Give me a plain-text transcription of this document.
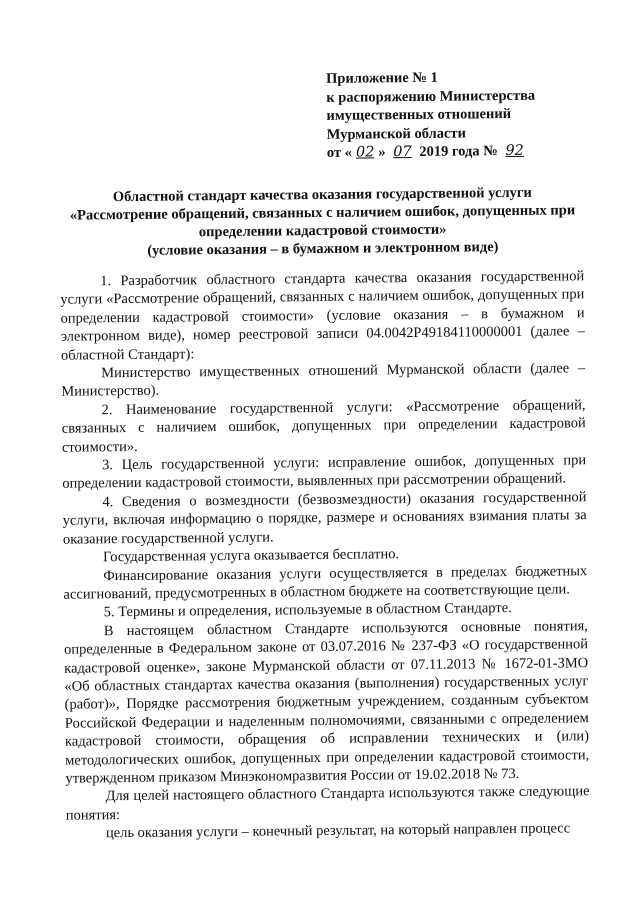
Приложение № 1
к распоряжению Министерства
имущественных отношений
Мурманской области
от « 02 » 07 2019 года № 92
Областной стандарт качества оказания государственной услуги
«Рассмотрение обращений, связанных с наличием ошибок, допущенных при
определении кадастровой стоимости»
(условие оказания – в бумажном и электронном виде)

1. Разработчик областного стандарта качества оказания государственной услуги «Рассмотрение обращений, связанных с наличием ошибок, допущенных при определении кадастровой стоимости» (условие оказания – в бумажном и электронном виде), номер реестровой записи 04.0042Р49184110000001 (далее – областной Стандарт):

Министерство имущественных отношений Мурманской области (далее – Министерство).

2. Наименование государственной услуги: «Рассмотрение обращений, связанных с наличием ошибок, допущенных при определении кадастровой стоимости».

3. Цель государственной услуги: исправление ошибок, допущенных при определении кадастровой стоимости, выявленных при рассмотрении обращений.

4. Сведения о возмездности (безвозмездности) оказания государственной услуги, включая информацию о порядке, размере и основаниях взимания платы за оказание государственной услуги.

Государственная услуга оказывается бесплатно.

Финансирование оказания услуги осуществляется в пределах бюджетных ассигнований, предусмотренных в областном бюджете на соответствующие цели.

5. Термины и определения, используемые в областном Стандарте.

В настоящем областном Стандарте используются основные понятия, определенные в Федеральном законе от 03.07.2016 № 237-ФЗ «О государственной кадастровой оценке», законе Мурманской области от 07.11.2013 № 1672-01-ЗМО «Об областных стандартах качества оказания (выполнения) государственных услуг (работ)», Порядке рассмотрения бюджетным учреждением, созданным субъектом Российской Федерации и наделенным полномочиями, связанными с определением кадастровой стоимости, обращения об исправлении технических и (или) методологических ошибок, допущенных при определении кадастровой стоимости, утвержденном приказом Минэкономразвития России от 19.02.2018 № 73.

Для целей настоящего областного Стандарта используются также следующие понятия:

цель оказания услуги – конечный результат, на который направлен процесс
